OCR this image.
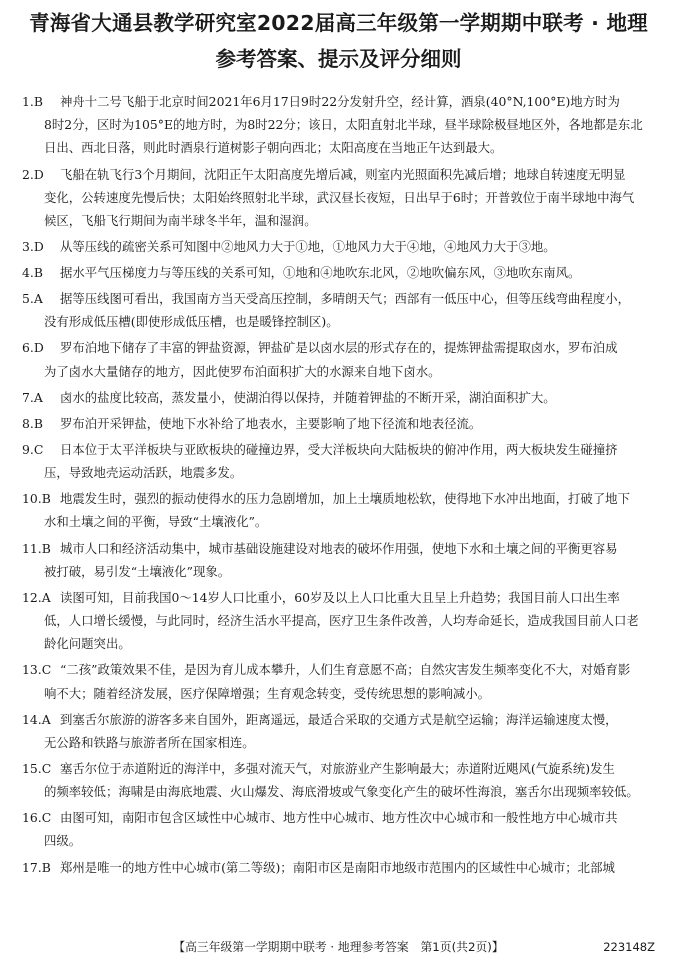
青海省大通县教学研究室2022届高三年级第一学期期中联考 · 地理
参考答案、提示及评分细则
1.B 神舟十二号飞船于北京时间2021年6月17日9时22分发射升空，经计算，酒泉(40°N,100°E)地方时为
8时2分，区时为105°E的地方时，为8时22分；该日，太阳直射北半球，昼半球除极昼地区外，各地都是东北
日出、西北日落，则此时酒泉行道树影子朝向西北；太阳高度在当地正午达到最大。
2.D 飞船在轨飞行3个月期间，沈阳正午太阳高度先增后减，则室内光照面积先减后增；地球自转速度无明显
变化，公转速度先慢后快；太阳始终照射北半球，武汉昼长夜短，日出早于6时；开普敦位于南半球地中海气
候区，飞船飞行期间为南半球冬半年，温和湿润。
3.D 从等压线的疏密关系可知图中②地风力大于①地，①地风力大于④地，④地风力大于③地。
4.B 据水平气压梯度力与等压线的关系可知，①地和④地吹东北风，②地吹偏东风，③地吹东南风。
5.A 据等压线图可看出，我国南方当天受高压控制，多晴朗天气；西部有一低压中心，但等压线弯曲程度小，
没有形成低压槽(即使形成低压槽，也是暖锋控制区)。
6.D 罗布泊地下储存了丰富的钾盐资源，钾盐矿是以卤水层的形式存在的，提炼钾盐需提取卤水，罗布泊成
为了卤水大量储存的地方，因此使罗布泊面积扩大的水源来自地下卤水。
7.A 卤水的盐度比较高，蒸发量小，使湖泊得以保持，并随着钾盐的不断开采，湖泊面积扩大。
8.B 罗布泊开采钾盐，使地下水补给了地表水，主要影响了地下径流和地表径流。
9.C 日本位于太平洋板块与亚欧板块的碰撞边界，受大洋板块向大陆板块的俯冲作用，两大板块发生碰撞挤
压，导致地壳运动活跃，地震多发。
10.B 地震发生时，强烈的振动使得水的压力急剧增加，加上土壤质地松软，使得地下水冲出地面，打破了地下
水和土壤之间的平衡，导致“土壤液化”。
11.B 城市人口和经济活动集中，城市基础设施建设对地表的破坏作用强，使地下水和土壤之间的平衡更容易
被打破，易引发“土壤液化”现象。
12.A 读图可知，目前我国0～14岁人口比重小，60岁及以上人口比重大且呈上升趋势；我国目前人口出生率
低，人口增长缓慢，与此同时，经济生活水平提高，医疗卫生条件改善，人均寿命延长，造成我国目前人口老
龄化问题突出。
13.C “二孩”政策效果不佳，是因为育儿成本攀升，人们生育意愿不高；自然灾害发生频率变化不大，对婚育影
响不大；随着经济发展，医疗保障增强；生育观念转变，受传统思想的影响减小。
14.A 到塞舌尔旅游的游客多来自国外，距离遥远，最适合采取的交通方式是航空运输；海洋运输速度太慢，
无公路和铁路与旅游者所在国家相连。
15.C 塞舌尔位于赤道附近的海洋中，多强对流天气，对旅游业产生影响最大；赤道附近飓风(气旋系统)发生
的频率较低；海啸是由海底地震、火山爆发、海底滑坡或气象变化产生的破坏性海浪，塞舌尔出现频率较低。
16.C 由图可知，南阳市包含区域性中心城市、地方性中心城市、地方性次中心城市和一般性地方中心城市共
四级。
17.B 郑州是唯一的地方性中心城市(第二等级)；南阳市区是南阳市地级市范围内的区域性中心城市；北部城
【高三年级第一学期期中联考 · 地理参考答案　第1页(共2页)】	223148Z
